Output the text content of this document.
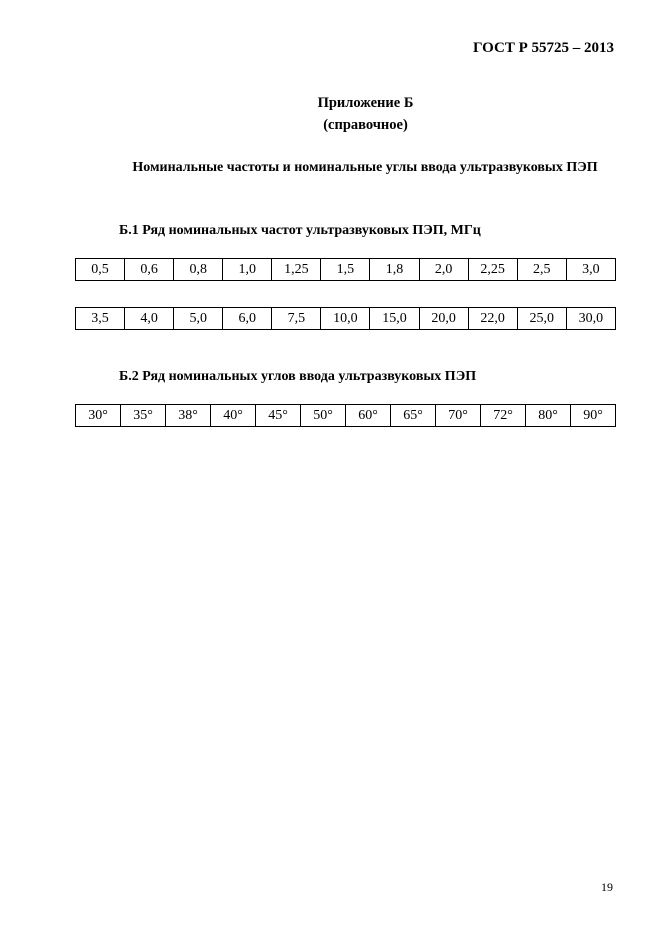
ГОСТ Р 55725 – 2013

Приложение Б

(справочное)

Номинальные частоты и номинальные углы ввода ультразвуковых ПЭП

Б.1 Ряд номинальных частот ультразвуковых ПЭП, МГц

0,5	0,6	0,8	1,0	1,25	1,5	1,8	2,0	2,25	2,5	3,0
3,5	4,0	5,0	6,0	7,5	10,0	15,0	20,0	22,0	25,0	30,0

Б.2 Ряд номинальных углов ввода ультразвуковых ПЭП

30°	35°	38°	40°	45°	50°	60°	65°	70°	72°	80°	90°

19
